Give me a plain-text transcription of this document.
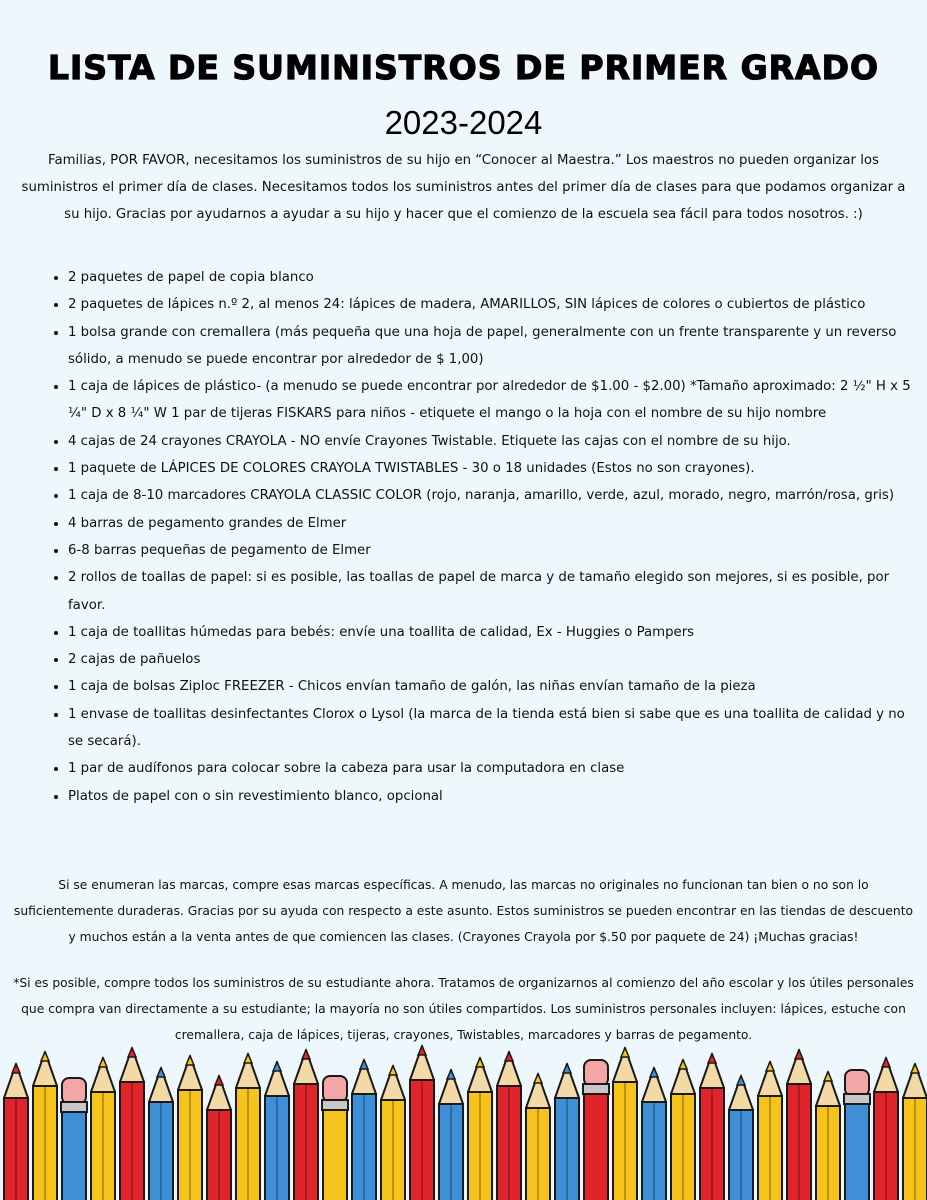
LISTA DE SUMINISTROS DE PRIMER GRADO
2023-2024
Familias, POR FAVOR, necesitamos los suministros de su hijo en “Conocer al Maestra.” Los maestros no pueden organizar los suministros el primer día de clases. Necesitamos todos los suministros antes del primer día de clases para que podamos organizar a su hijo. Gracias por ayudarnos a ayudar a su hijo y hacer que el comienzo de la escuela sea fácil para todos nosotros. :)
• 2 paquetes de papel de copia blanco
• 2 paquetes de lápices n.º 2, al menos 24: lápices de madera, AMARILLOS, SIN lápices de colores o cubiertos de plástico
• 1 bolsa grande con cremallera (más pequeña que una hoja de papel, generalmente con un frente transparente y un reverso sólido, a menudo se puede encontrar por alrededor de $ 1,00)
• 1 caja de lápices de plástico- (a menudo se puede encontrar por alrededor de $1.00 - $2.00) *Tamaño aproximado: 2 ½" H x 5 ¼" D x 8 ¼" W 1 par de tijeras FISKARS para niños - etiquete el mango o la hoja con el nombre de su hijo nombre
• 4 cajas de 24 crayones CRAYOLA - NO envíe Crayones Twistable. Etiquete las cajas con el nombre de su hijo.
• 1 paquete de LÁPICES DE COLORES CRAYOLA TWISTABLES - 30 o 18 unidades (Estos no son crayones).
• 1 caja de 8-10 marcadores CRAYOLA CLASSIC COLOR (rojo, naranja, amarillo, verde, azul, morado, negro, marrón/rosa, gris)
• 4 barras de pegamento grandes de Elmer
• 6-8 barras pequeñas de pegamento de Elmer
• 2 rollos de toallas de papel: si es posible, las toallas de papel de marca y de tamaño elegido son mejores, si es posible, por favor.
• 1 caja de toallitas húmedas para bebés: envíe una toallita de calidad, Ex - Huggies o Pampers
• 2 cajas de pañuelos
• 1 caja de bolsas Ziploc FREEZER - Chicos envían tamaño de galón, las niñas envían tamaño de la pieza
• 1 envase de toallitas desinfectantes Clorox o Lysol (la marca de la tienda está bien si sabe que es una toallita de calidad y no se secará).
• 1 par de audífonos para colocar sobre la cabeza para usar la computadora en clase
• Platos de papel con o sin revestimiento blanco, opcional

Si se enumeran las marcas, compre esas marcas específicas. A menudo, las marcas no originales no funcionan tan bien o no son lo suficientemente duraderas. Gracias por su ayuda con respecto a este asunto. Estos suministros se pueden encontrar en las tiendas de descuento y muchos están a la venta antes de que comiencen las clases. (Crayones Crayola por $.50 por paquete de 24) ¡Muchas gracias!

*Si es posible, compre todos los suministros de su estudiante ahora. Tratamos de organizarnos al comienzo del año escolar y los útiles personales que compra van directamente a su estudiante; la mayoría no son útiles compartidos. Los suministros personales incluyen: lápices, estuche con cremallera, caja de lápices, tijeras, crayones, Twistables, marcadores y barras de pegamento.
